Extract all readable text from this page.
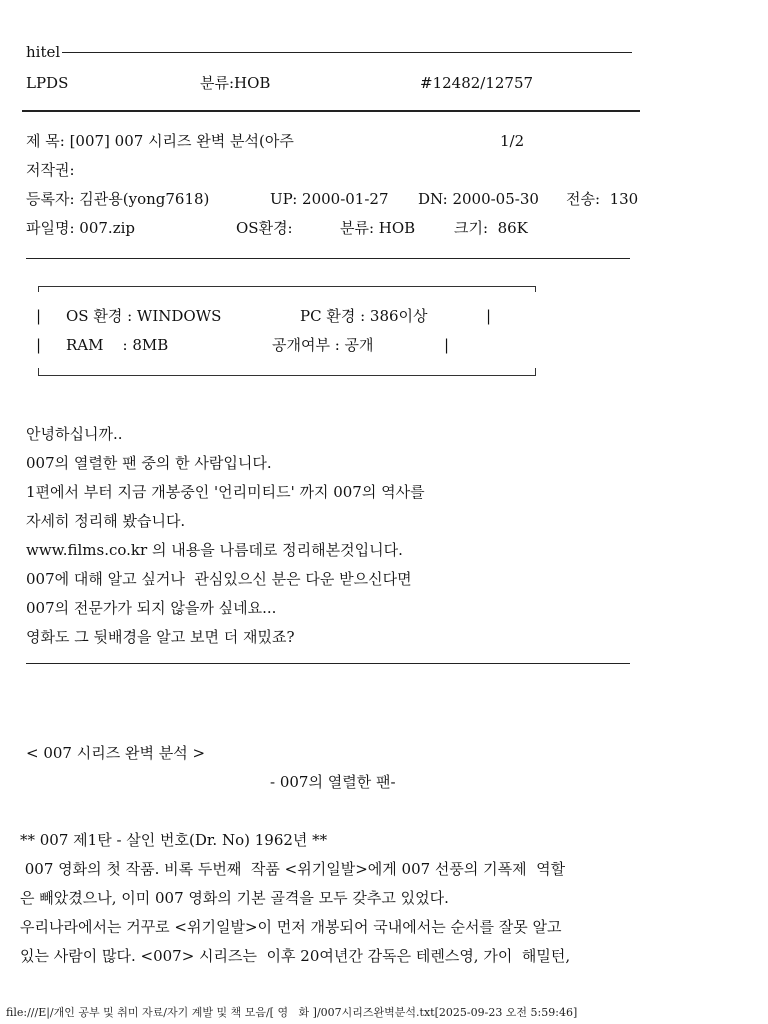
hitel
LPDS	분류:HOB	#12482/12757
제 목: [007] 007 시리즈 완벽 분석(아주	1/2
저작권:
등록자: 김관용(yong7618)	UP: 2000-01-27 DN: 2000-05-30 전송:  130
파일명: 007.zip	OS환경:	분류: HOB	크기:  86K
| OS 환경 : WINDOWS	PC 환경 : 386이상	|
| RAM    : 8MB	공개여부 : 공개	|
안녕하십니까..
007의 열렬한 팬 중의 한 사람입니다.
1편에서 부터 지금 개봉중인 '언리미티드' 까지 007의 역사를
자세히 정리해 봤습니다.
www.films.co.kr 의 내용을 나름데로 정리해본것입니다.
007에 대해 알고 싶거나  관심있으신 분은 다운 받으신다면
007의 전문가가 되지 않을까 싶네요...
영화도 그 뒷배경을 알고 보면 더 재밌죠?
< 007 시리즈 완벽 분석 >
- 007의 열렬한 팬-
** 007 제1탄 - 살인 번호(Dr. No) 1962년 **
007 영화의 첫 작품. 비록 두번째  작품 <위기일발>에게 007 선풍의 기폭제  역할
은 빼았겼으나, 이미 007 영화의 기본 골격을 모두 갖추고 있었다.
우리나라에서는 거꾸로 <위기일발>이 먼저 개봉되어 국내에서는 순서를 잘못 알고
있는 사람이 많다. <007> 시리즈는  이후 20여년간 감독은 테렌스영, 가이  해밀턴,
file:///E|/개인 공부 및 취미 자료/자기 계발 및 책 모음/[ 영   화 ]/007시리즈완벽분석.txt[2025-09-23 오전 5:59:46]
